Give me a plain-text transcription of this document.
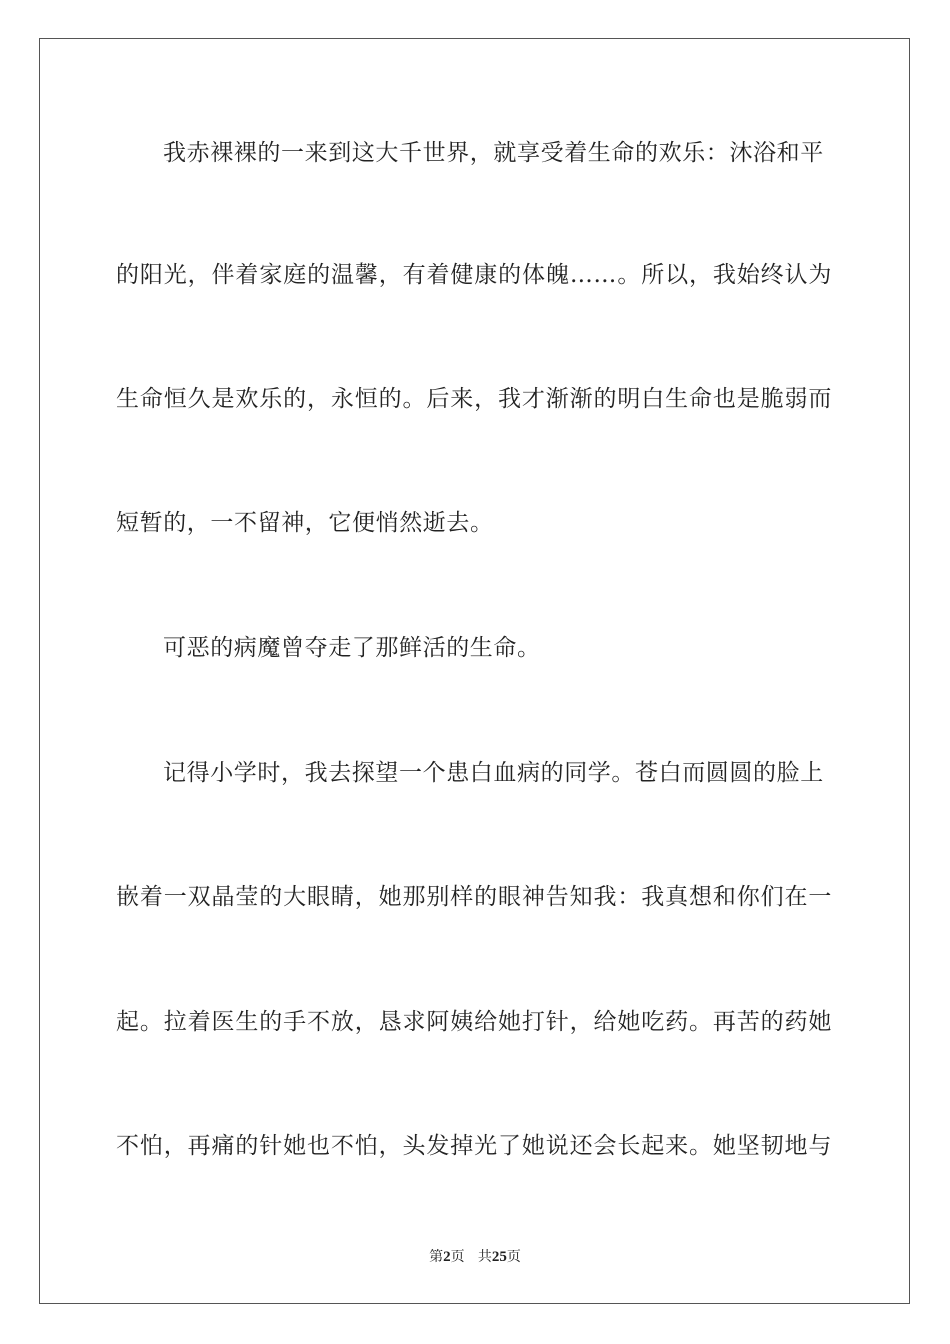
我赤裸裸的一来到这大千世界，就享受着生命的欢乐：沐浴和平
的阳光，伴着家庭的温馨，有着健康的体魄……。所以，我始终认为
生命恒久是欢乐的，永恒的。后来，我才渐渐的明白生命也是脆弱而
短暂的，一不留神，它便悄然逝去。
可恶的病魔曾夺走了那鲜活的生命。
记得小学时，我去探望一个患白血病的同学。苍白而圆圆的脸上
嵌着一双晶莹的大眼睛，她那别样的眼神告知我：我真想和你们在一
起。拉着医生的手不放，恳求阿姨给她打针，给她吃药。再苦的药她
不怕，再痛的针她也不怕，头发掉光了她说还会长起来。她坚韧地与
第2页 共25页
